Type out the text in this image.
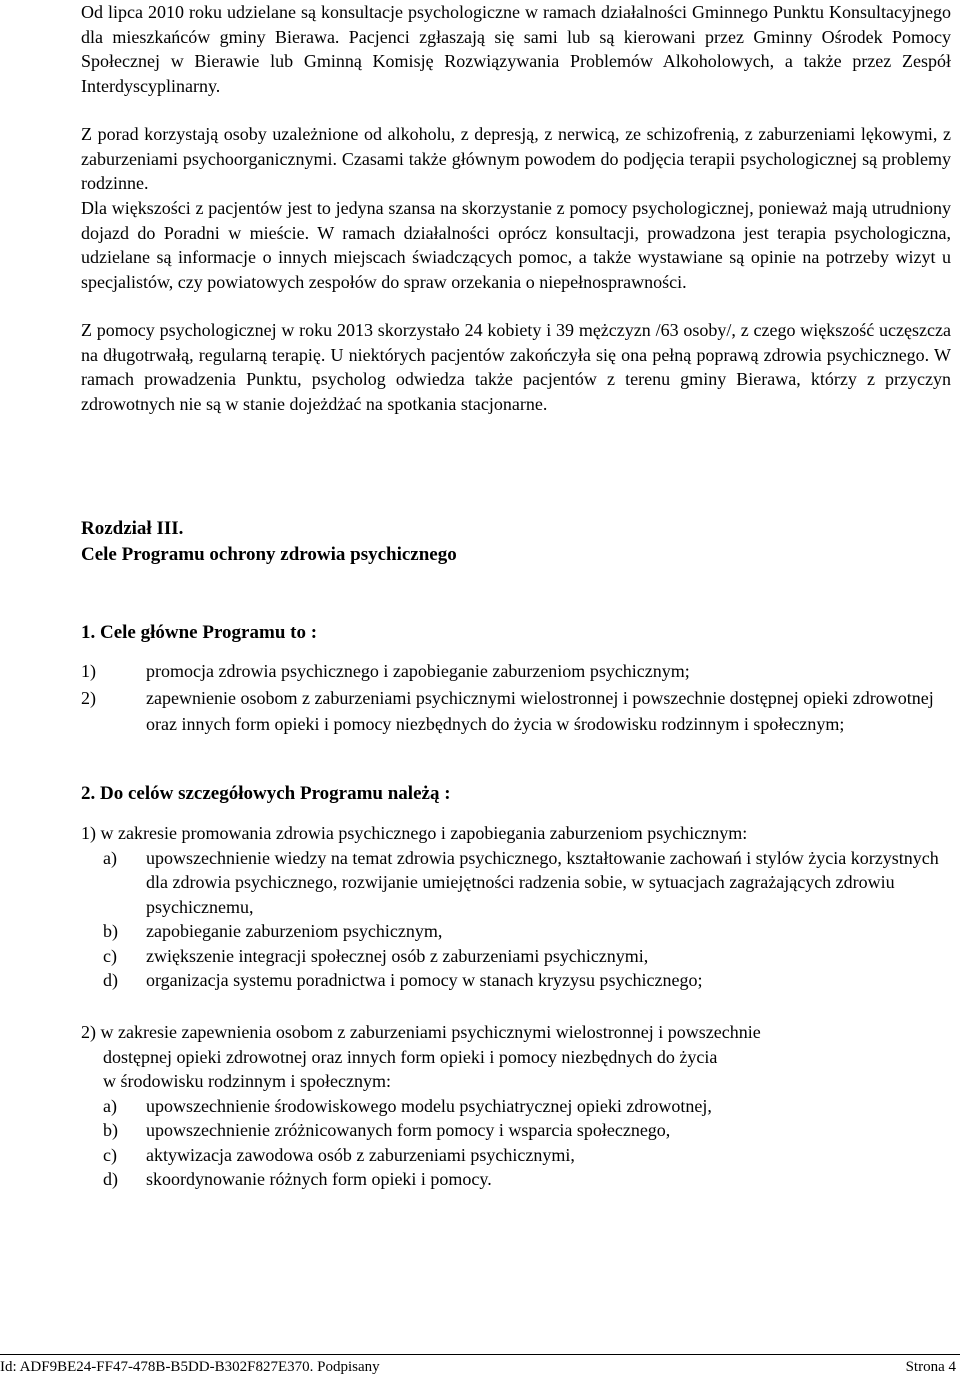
Od lipca 2010 roku udzielane są konsultacje psychologiczne w ramach działalności Gminnego Punktu Konsultacyjnego dla mieszkańców gminy Bierawa. Pacjenci zgłaszają się sami lub są kierowani przez Gminny Ośrodek Pomocy Społecznej w Bierawie lub Gminną Komisję Rozwiązywania Problemów Alkoholowych, a także przez Zespół Interdyscyplinarny.

Z porad korzystają osoby uzależnione od alkoholu, z depresją, z nerwicą, ze schizofrenią, z zaburzeniami lękowymi, z zaburzeniami psychoorganicznymi. Czasami także głównym powodem do podjęcia terapii psychologicznej są problemy rodzinne.

Dla większości z pacjentów jest to jedyna szansa na skorzystanie z pomocy psychologicznej, ponieważ mają utrudniony dojazd do Poradni w mieście. W ramach działalności oprócz konsultacji, prowadzona jest terapia psychologiczna, udzielane są informacje o innych miejscach świadczących pomoc, a także wystawiane są opinie na potrzeby wizyt u specjalistów, czy powiatowych zespołów do spraw orzekania o niepełnosprawności.

Z pomocy psychologicznej w roku 2013 skorzystało 24 kobiety i 39 mężczyzn /63 osoby/, z czego większość uczęszcza na długotrwałą, regularną terapię. U niektórych pacjentów zakończyła się ona pełną poprawą zdrowia psychicznego. W ramach prowadzenia Punktu, psycholog odwiedza także pacjentów z terenu gminy Bierawa, którzy z przyczyn zdrowotnych nie są w stanie dojeżdżać na spotkania stacjonarne.

Rozdział III.
Cele Programu ochrony zdrowia psychicznego
1. Cele główne Programu to :
1)	promocja zdrowia psychicznego i zapobieganie zaburzeniom psychicznym;
2)	zapewnienie osobom z zaburzeniami psychicznymi wielostronnej i powszechnie dostępnej opieki zdrowotnej oraz innych form opieki i pomocy niezbędnych do życia w środowisku rodzinnym i społecznym;
2. Do celów szczegółowych Programu należą :
1) w zakresie promowania zdrowia psychicznego i zapobiegania zaburzeniom psychicznym:
a) upowszechnienie wiedzy na temat zdrowia psychicznego, kształtowanie zachowań i stylów życia korzystnych dla zdrowia psychicznego, rozwijanie umiejętności radzenia sobie, w sytuacjach zagrażających zdrowiu psychicznemu,
b) zapobieganie zaburzeniom psychicznym,
c) zwiększenie integracji społecznej osób z zaburzeniami psychicznymi,
d) organizacja systemu poradnictwa i pomocy w stanach kryzysu psychicznego;
2) w zakresie zapewnienia osobom z zaburzeniami psychicznymi wielostronnej i powszechnie
dostępnej opieki zdrowotnej oraz innych form opieki i pomocy niezbędnych do życia
w środowisku rodzinnym i społecznym:
a) upowszechnienie środowiskowego modelu psychiatrycznej opieki zdrowotnej,
b) upowszechnienie zróżnicowanych form pomocy i wsparcia społecznego,
c) aktywizacja zawodowa osób z zaburzeniami psychicznymi,
d) skoordynowanie różnych form opieki i pomocy.
Id: ADF9BE24-FF47-478B-B5DD-B302F827E370. Podpisany	Strona 4
